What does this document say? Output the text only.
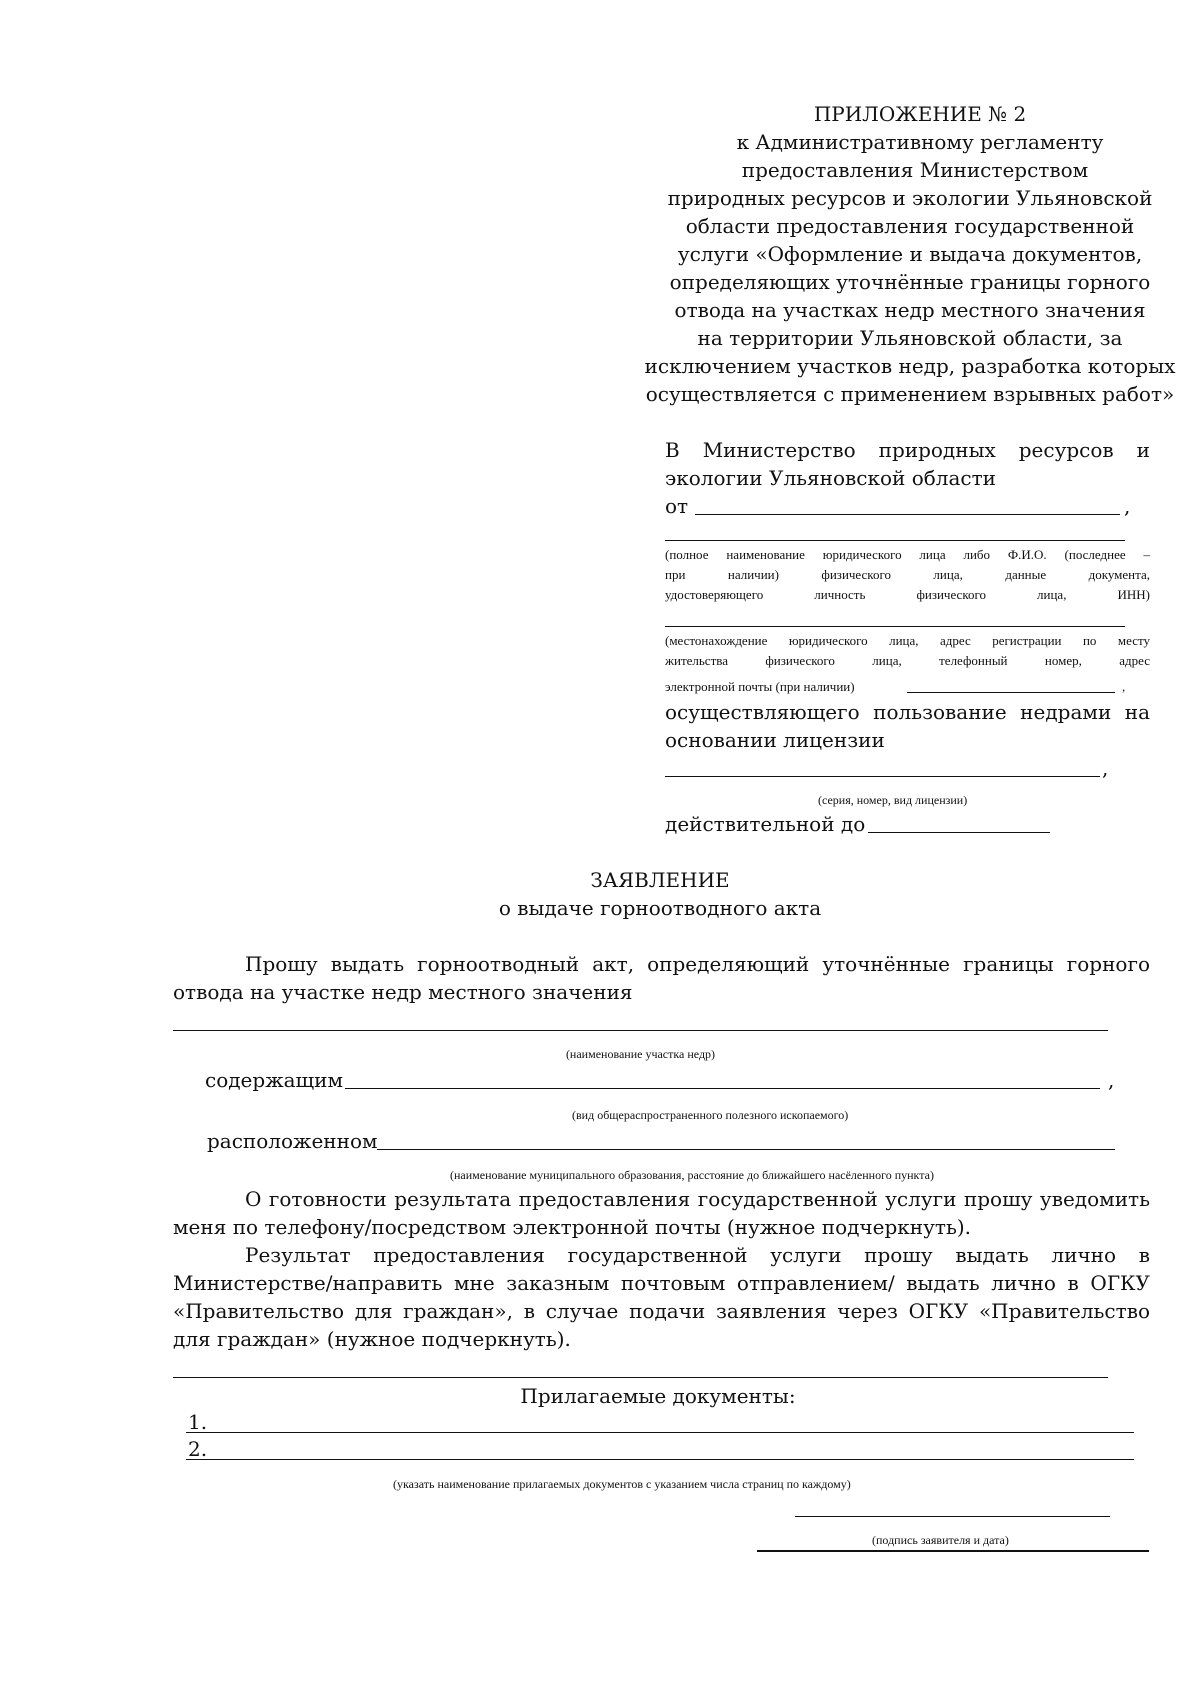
ПРИЛОЖЕНИЕ № 2
к Административному регламенту
предоставления Министерством
природных ресурсов и экологии Ульяновской
области предоставления государственной
услуги «Оформление и выдача документов,
определяющих уточнённые границы горного
отвода на участках недр местного значения
на территории Ульяновской области, за
исключением участков недр, разработка которых
осуществляется с применением взрывных работ»
В Министерство природных ресурсов и
экологии Ульяновской области
от	,
(полное наименование юридического лица либо Ф.И.О. (последнее –
при наличии) физического лица, данные документа,
удостоверяющего личность физического лица, ИНН)
(местонахождение юридического лица, адрес регистрации по месту
жительства физического лица, телефонный номер, адрес
электронной почты (при наличии)	,
осуществляющего пользование недрами на
основании лицензии
,
(серия, номер, вид лицензии)
действительной до
ЗАЯВЛЕНИЕ
о выдаче горноотводного акта
Прошу выдать горноотводный акт, определяющий уточнённые границы горного
отвода на участке недр местного значения
(наименование участка недр)
содержащим	,
(вид общераспространенного полезного ископаемого)
расположенном
(наименование муниципального образования, расстояние до ближайшего насёленного пункта)
О готовности результата предоставления государственной услуги прошу уведомить
меня по телефону/посредством электронной почты (нужное подчеркнуть).
Результат предоставления государственной услуги прошу выдать лично в
Министерстве/направить мне заказным почтовым отправлением/ выдать лично в ОГКУ
«Правительство для граждан», в случае подачи заявления через ОГКУ «Правительство
для граждан» (нужное подчеркнуть).
Прилагаемые документы:
1.
2.
(указать наименование прилагаемых документов с указанием числа страниц по каждому)
(подпись заявителя и дата)
